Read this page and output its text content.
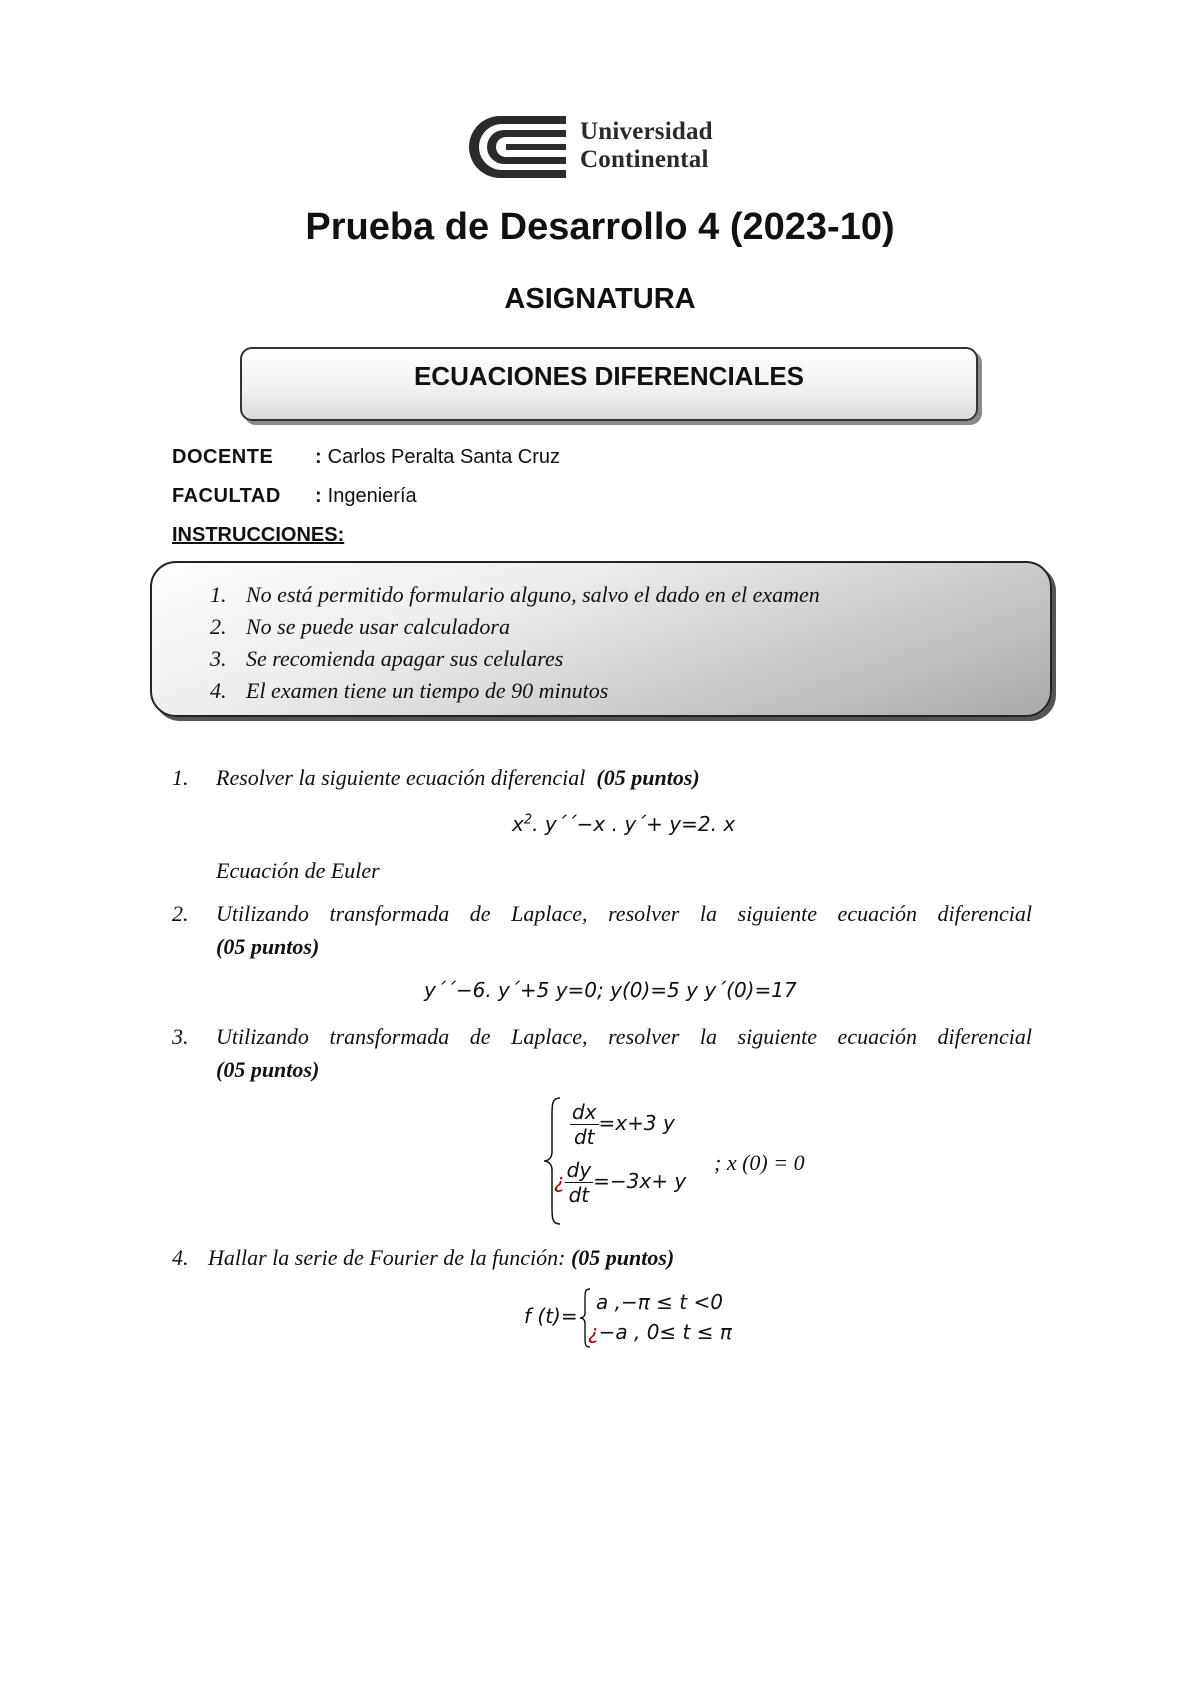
Universidad
Continental
Prueba de Desarrollo 4 (2023-10)
ASIGNATURA
ECUACIONES DIFERENCIALES
DOCENTE : Carlos Peralta Santa Cruz
FACULTAD : Ingeniería
INSTRUCCIONES:
1. No está permitido formulario alguno, salvo el dado en el examen
2. No se puede usar calculadora
3. Se recomienda apagar sus celulares
4. El examen tiene un tiempo de 90 minutos
1. Resolver la siguiente ecuación diferencial (05 puntos)
$x^2$. y´´−x . y´+ y=2. x
Ecuación de Euler
2. Utilizando transformada de Laplace, resolver la siguiente ecuación diferencial
(05 puntos)
y´´−6. y´+5 y=0; y(0)=5 y y´(0)=17
3. Utilizando transformada de Laplace, resolver la siguiente ecuación diferencial
(05 puntos)
$\frac{dx}{dt} =x+3$ y
¿ $\frac{dy}{dt} =-3x+ y$
; x (0) = 0
4. Hallar la serie de Fourier de la función: (05 puntos)
f (t)=
a ,−π ≤ t <0
¿−a , 0≤ t ≤ π
